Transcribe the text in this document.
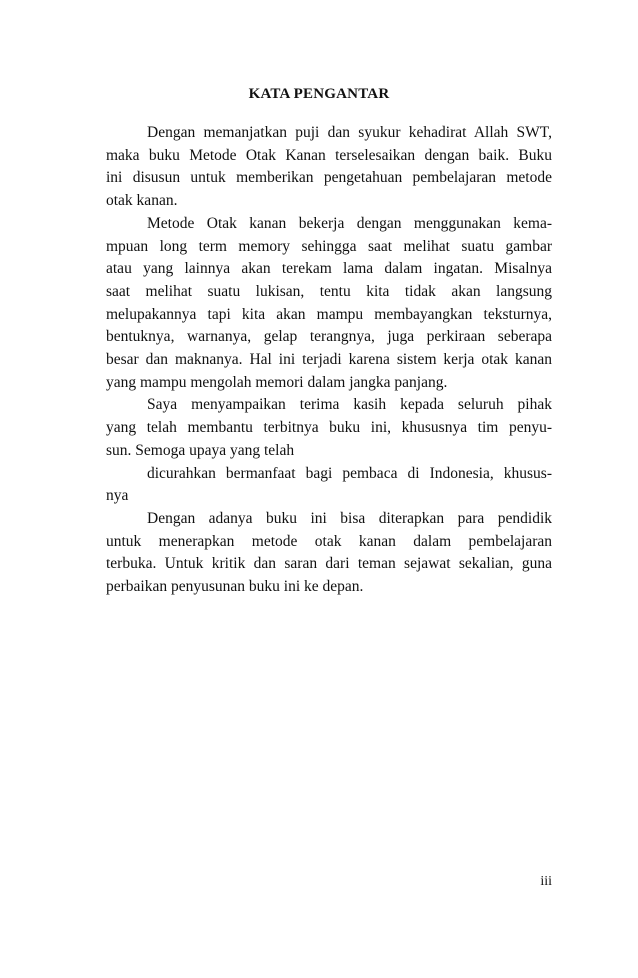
KATA PENGANTAR
Dengan memanjatkan puji dan syukur kehadirat Allah SWT,
maka buku Metode Otak Kanan terselesaikan dengan baik. Buku
ini disusun untuk memberikan pengetahuan pembelajaran metode
otak kanan.
Metode Otak kanan bekerja dengan menggunakan kema-
mpuan long term memory sehingga saat melihat suatu gambar
atau yang lainnya akan terekam lama dalam ingatan. Misalnya
saat melihat suatu lukisan, tentu kita tidak akan langsung
melupakannya tapi kita akan mampu membayangkan teksturnya,
bentuknya, warnanya, gelap terangnya, juga perkiraan seberapa
besar dan maknanya. Hal ini terjadi karena sistem kerja otak kanan
yang mampu mengolah memori dalam jangka panjang.
Saya menyampaikan terima kasih kepada seluruh pihak
yang telah membantu terbitnya buku ini, khususnya tim penyu-
sun. Semoga upaya yang telah
dicurahkan bermanfaat bagi pembaca di Indonesia, khusus-
nya
Dengan adanya buku ini bisa diterapkan para pendidik
untuk menerapkan metode otak kanan dalam pembelajaran
terbuka. Untuk kritik dan saran dari teman sejawat sekalian, guna
perbaikan penyusunan buku ini ke depan.
iii
